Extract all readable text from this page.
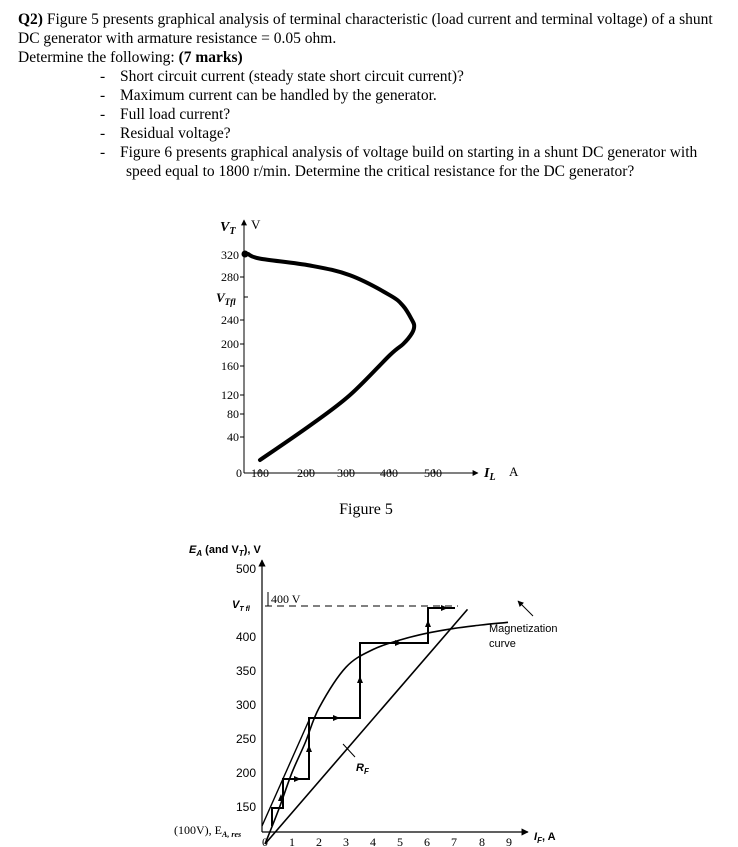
Q2) Figure 5 presents graphical analysis of terminal characteristic (load current and terminal voltage) of a shunt DC generator with armature resistance = 0.05 ohm.

Determine the following: (7 marks)

- Short circuit current (steady state short circuit current)?
- Maximum current can be handled by the generator.
- Full load current?
- Residual voltage?
- Figure 6 presents graphical analysis of voltage build on starting in a shunt DC generator with speed equal to 1800 r/min. Determine the critical resistance for the DC generator?
$V_T$ V
320
280
240
200
160
120
80
40
$V_{Tfl}$
0 100 200 300 400 500	$I_L$ A
Figure 5
$E_A$ (and $V_T$), V
500
400
350
300
250
200
150
$V_{T fl}$
(100V), $E_{A, res}$
0 1 2 3 4 5 6 7 8 9 $I_F$, A
400 V
$R_F$
Magnetization
curve
